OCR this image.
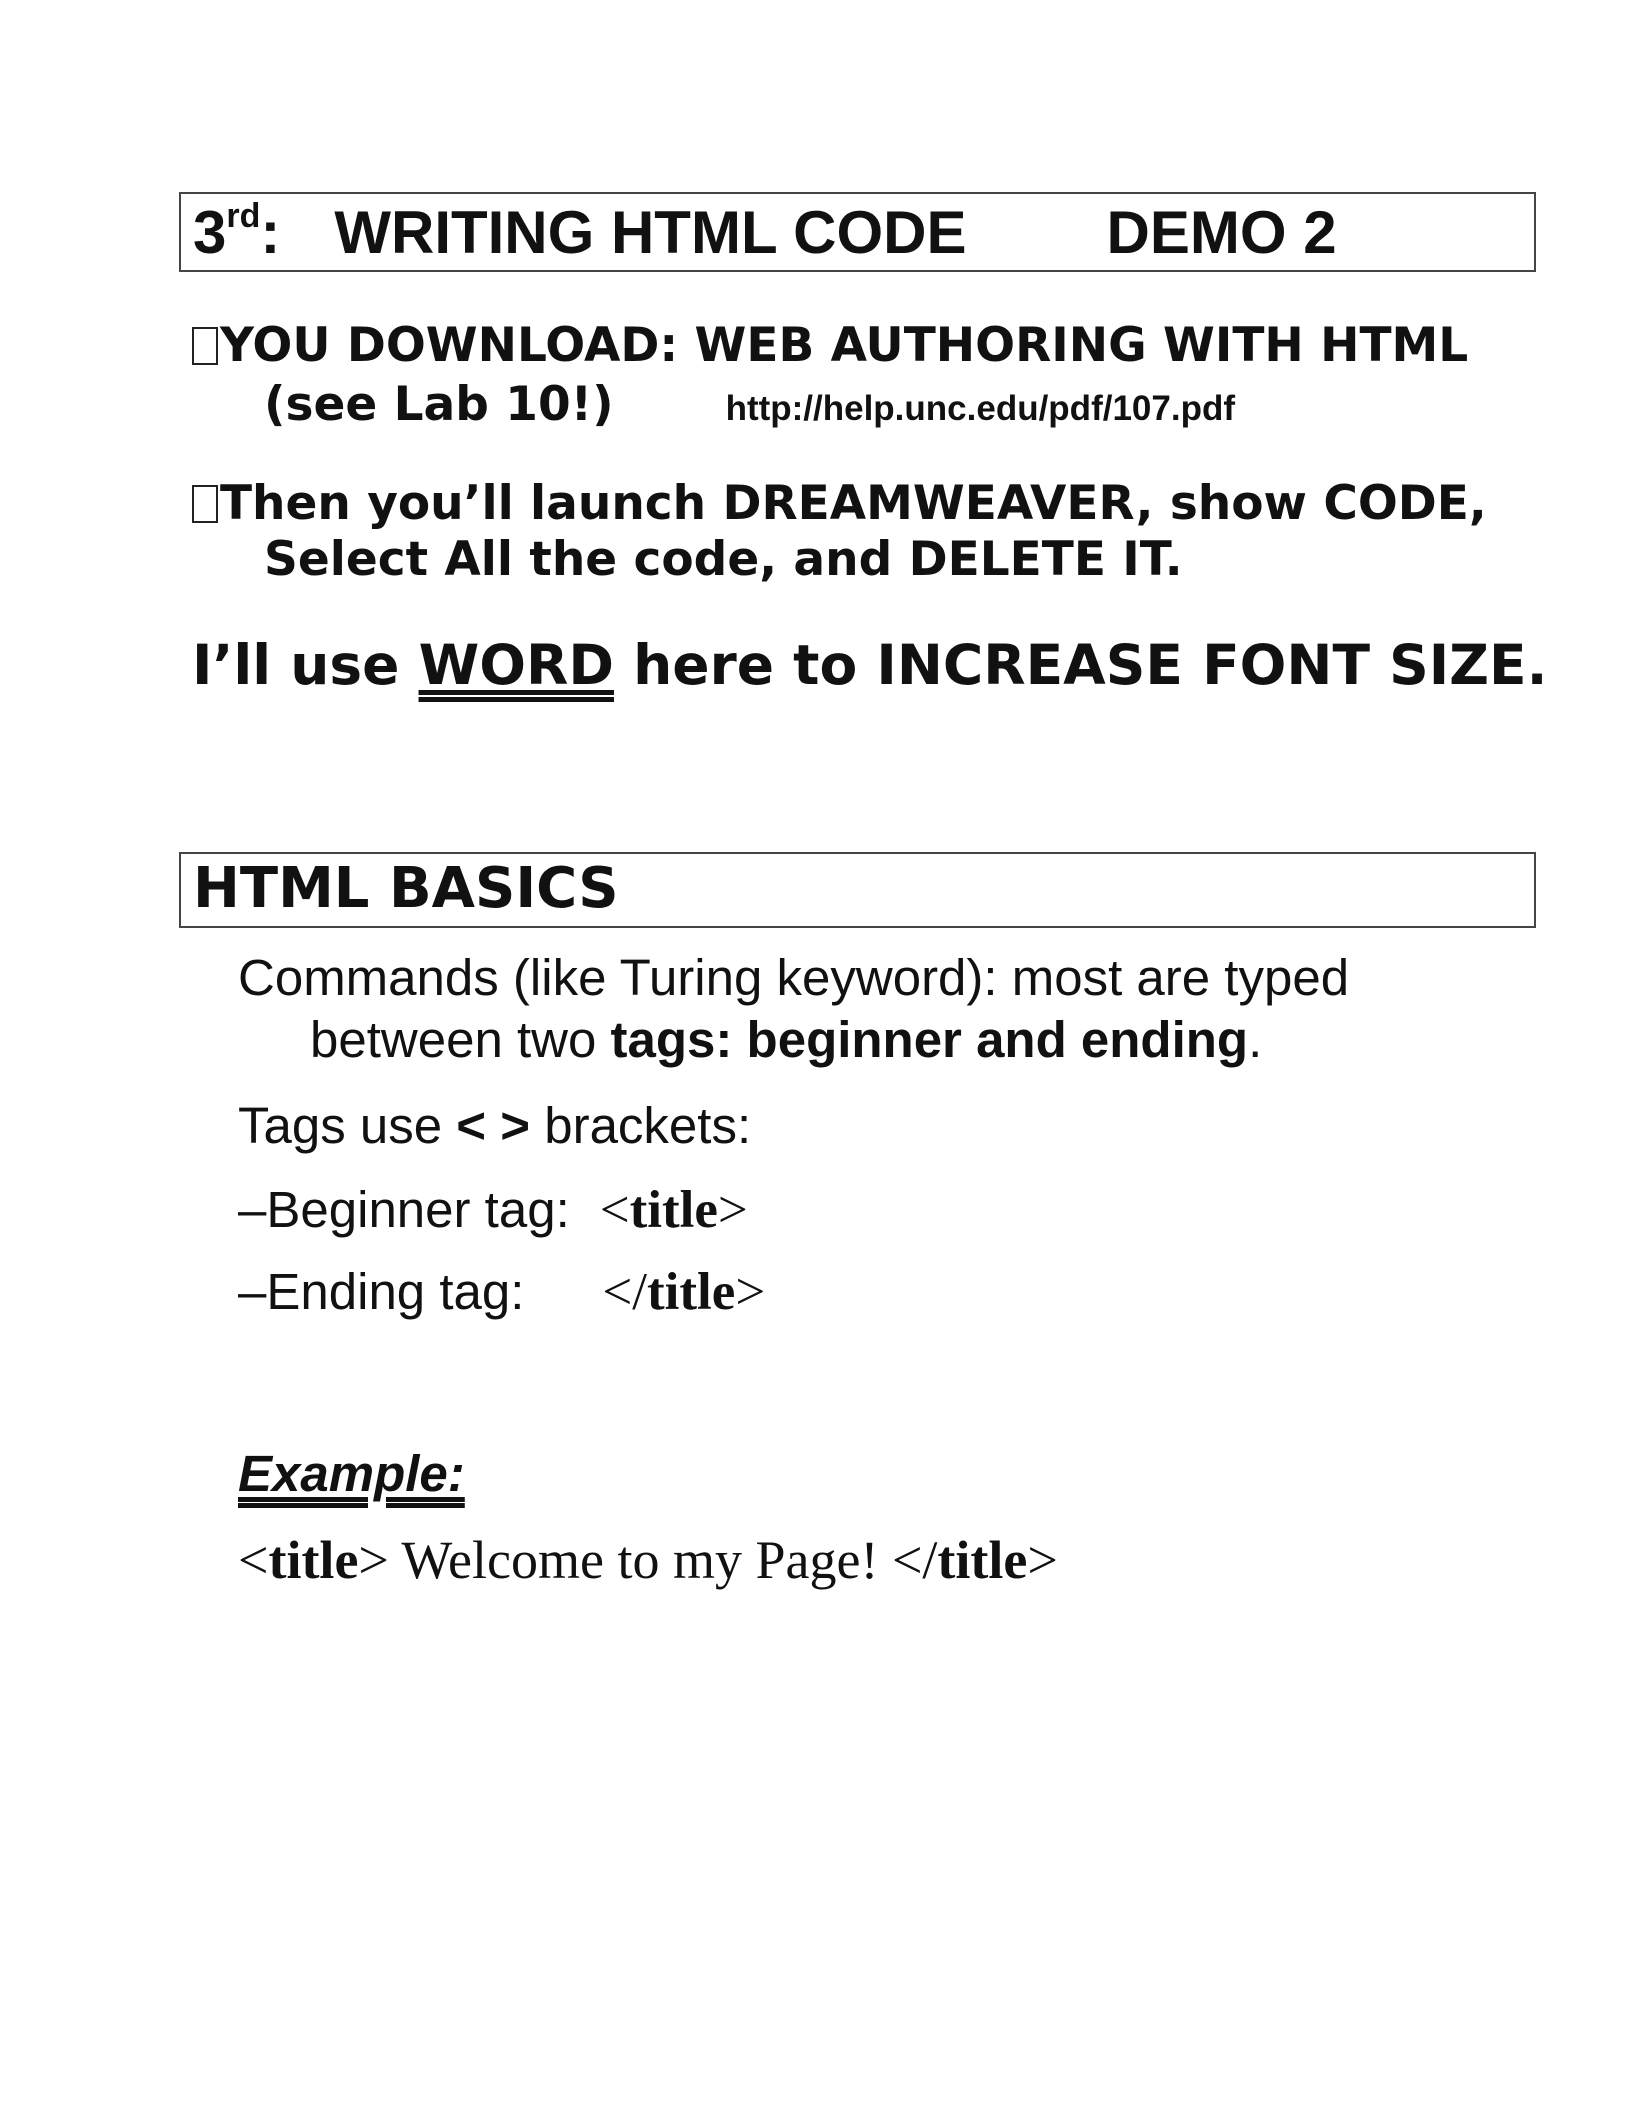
3rd: WRITING HTML CODE DEMO 2
YOU DOWNLOAD: WEB AUTHORING WITH HTML
(see Lab 10!)	http://help.unc.edu/pdf/107.pdf
Then you’ll launch DREAMWEAVER, show CODE,
Select All the code, and DELETE IT.
I’ll use WORD here to INCREASE FONT SIZE.
HTML BASICS
Commands (like Turing keyword): most are typed
between two tags: beginner and ending.
Tags use < > brackets:
–Beginner tag: <title>
–Ending tag: </title>
Example:
<title> Welcome to my Page! </title>
